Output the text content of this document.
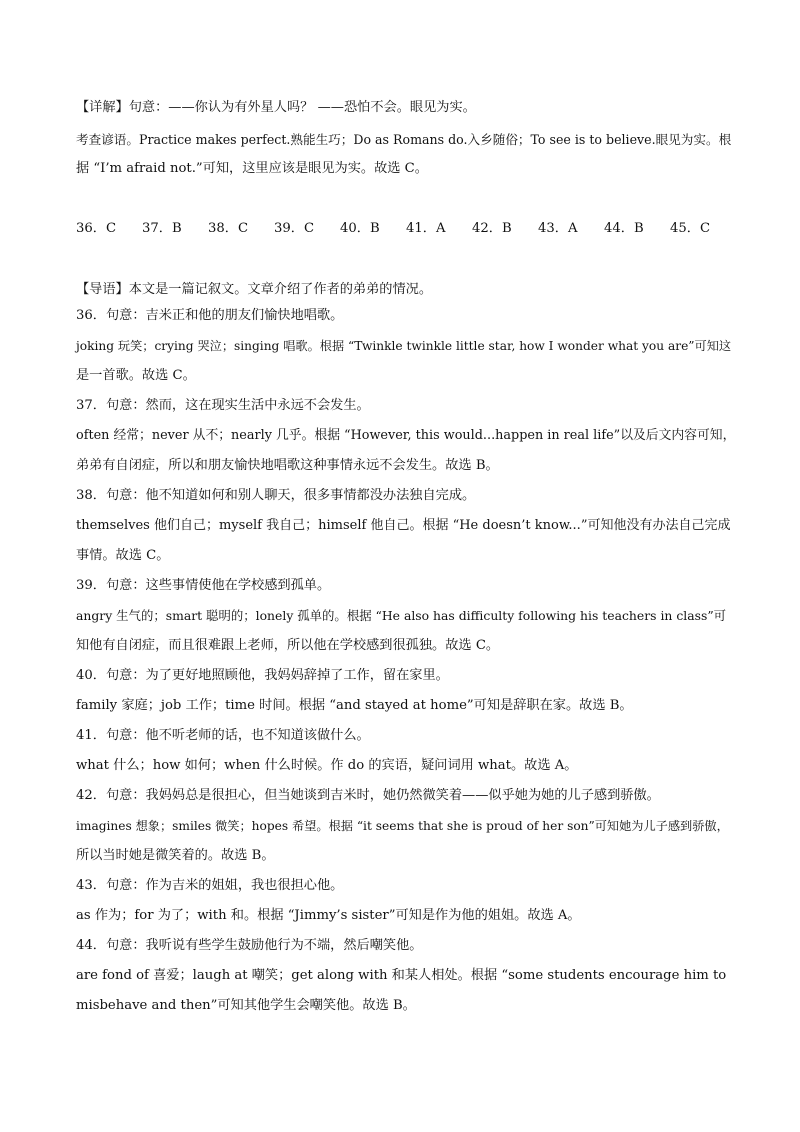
【详解】句意：——你认为有外星人吗？ ——恐怕不会。眼见为实。
考查谚语。Practice makes perfect.熟能生巧；Do as Romans do.入乡随俗；To see is to believe.眼见为实。根
据 “I’m afraid not.”可知，这里应该是眼见为实。故选 C。
36．C 37．B 38．C 39．C 40．B 41．A 42．B 43．A 44．B 45．C
【导语】本文是一篇记叙文。文章介绍了作者的弟弟的情况。
36．句意：吉米正和他的朋友们愉快地唱歌。
joking 玩笑；crying 哭泣；singing 唱歌。根据 “Twinkle twinkle little star, how I wonder what you are”可知这
是一首歌。故选 C。
37．句意：然而，这在现实生活中永远不会发生。
often 经常；never 从不；nearly 几乎。根据 “However, this would...happen in real life”以及后文内容可知，
弟弟有自闭症，所以和朋友愉快地唱歌这种事情永远不会发生。故选 B。
38．句意：他不知道如何和别人聊天，很多事情都没办法独自完成。
themselves 他们自己；myself 我自己；himself 他自己。根据 “He doesn’t know...”可知他没有办法自己完成
事情。故选 C。
39．句意：这些事情使他在学校感到孤单。
angry 生气的；smart 聪明的；lonely 孤单的。根据 “He also has difficulty following his teachers in class”可
知他有自闭症，而且很难跟上老师，所以他在学校感到很孤独。故选 C。
40．句意：为了更好地照顾他，我妈妈辞掉了工作，留在家里。
family 家庭；job 工作；time 时间。根据 “and stayed at home”可知是辞职在家。故选 B。
41．句意：他不听老师的话，也不知道该做什么。
what 什么；how 如何；when 什么时候。作 do 的宾语，疑问词用 what。故选 A。
42．句意：我妈妈总是很担心，但当她谈到吉米时，她仍然微笑着——似乎她为她的儿子感到骄傲。
imagines 想象；smiles 微笑；hopes 希望。根据 “it seems that she is proud of her son”可知她为儿子感到骄傲，
所以当时她是微笑着的。故选 B。
43．句意：作为吉米的姐姐，我也很担心他。
as 作为；for 为了；with 和。根据 “Jimmy’s sister”可知是作为他的姐姐。故选 A。
44．句意：我听说有些学生鼓励他行为不端，然后嘲笑他。
are fond of 喜爱；laugh at 嘲笑；get along with 和某人相处。根据 “some students encourage him to
misbehave and then”可知其他学生会嘲笑他。故选 B。
